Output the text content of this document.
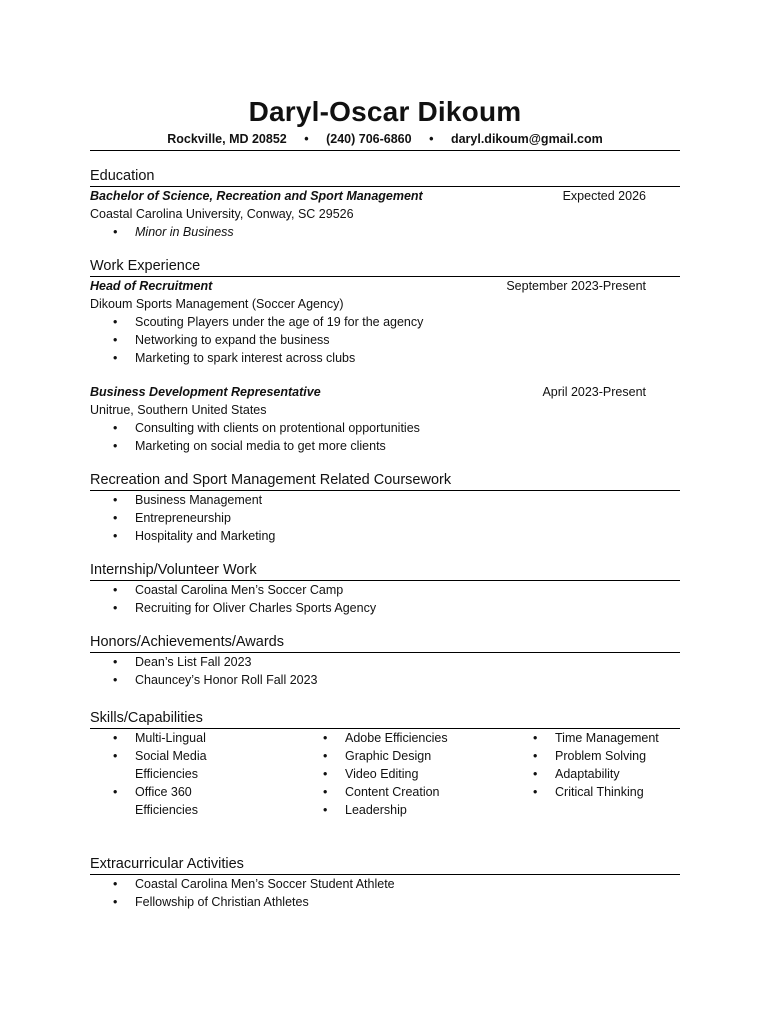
Daryl-Oscar Dikoum
Rockville, MD 20852 • (240) 706-6860 • daryl.dikoum@gmail.com
Education
Bachelor of Science, Recreation and Sport Management	Expected 2026
Coastal Carolina University, Conway, SC 29526
• Minor in Business
Work Experience
Head of Recruitment	September 2023-Present
Dikoum Sports Management (Soccer Agency)
• Scouting Players under the age of 19 for the agency
• Networking to expand the business
• Marketing to spark interest across clubs
Business Development Representative	April 2023-Present
Unitrue, Southern United States
• Consulting with clients on protentional opportunities
• Marketing on social media to get more clients
Recreation and Sport Management Related Coursework
• Business Management
• Entrepreneurship
• Hospitality and Marketing
Internship/Volunteer Work
• Coastal Carolina Men’s Soccer Camp
• Recruiting for Oliver Charles Sports Agency
Honors/Achievements/Awards
• Dean’s List Fall 2023
• Chauncey’s Honor Roll Fall 2023
Skills/Capabilities
• Multi-Lingual
• Social Media Efficiencies
• Office 360 Efficiencies
• Adobe Efficiencies
• Graphic Design
• Video Editing
• Content Creation
• Leadership
• Time Management
• Problem Solving
• Adaptability
• Critical Thinking
Extracurricular Activities
• Coastal Carolina Men’s Soccer Student Athlete
• Fellowship of Christian Athletes
